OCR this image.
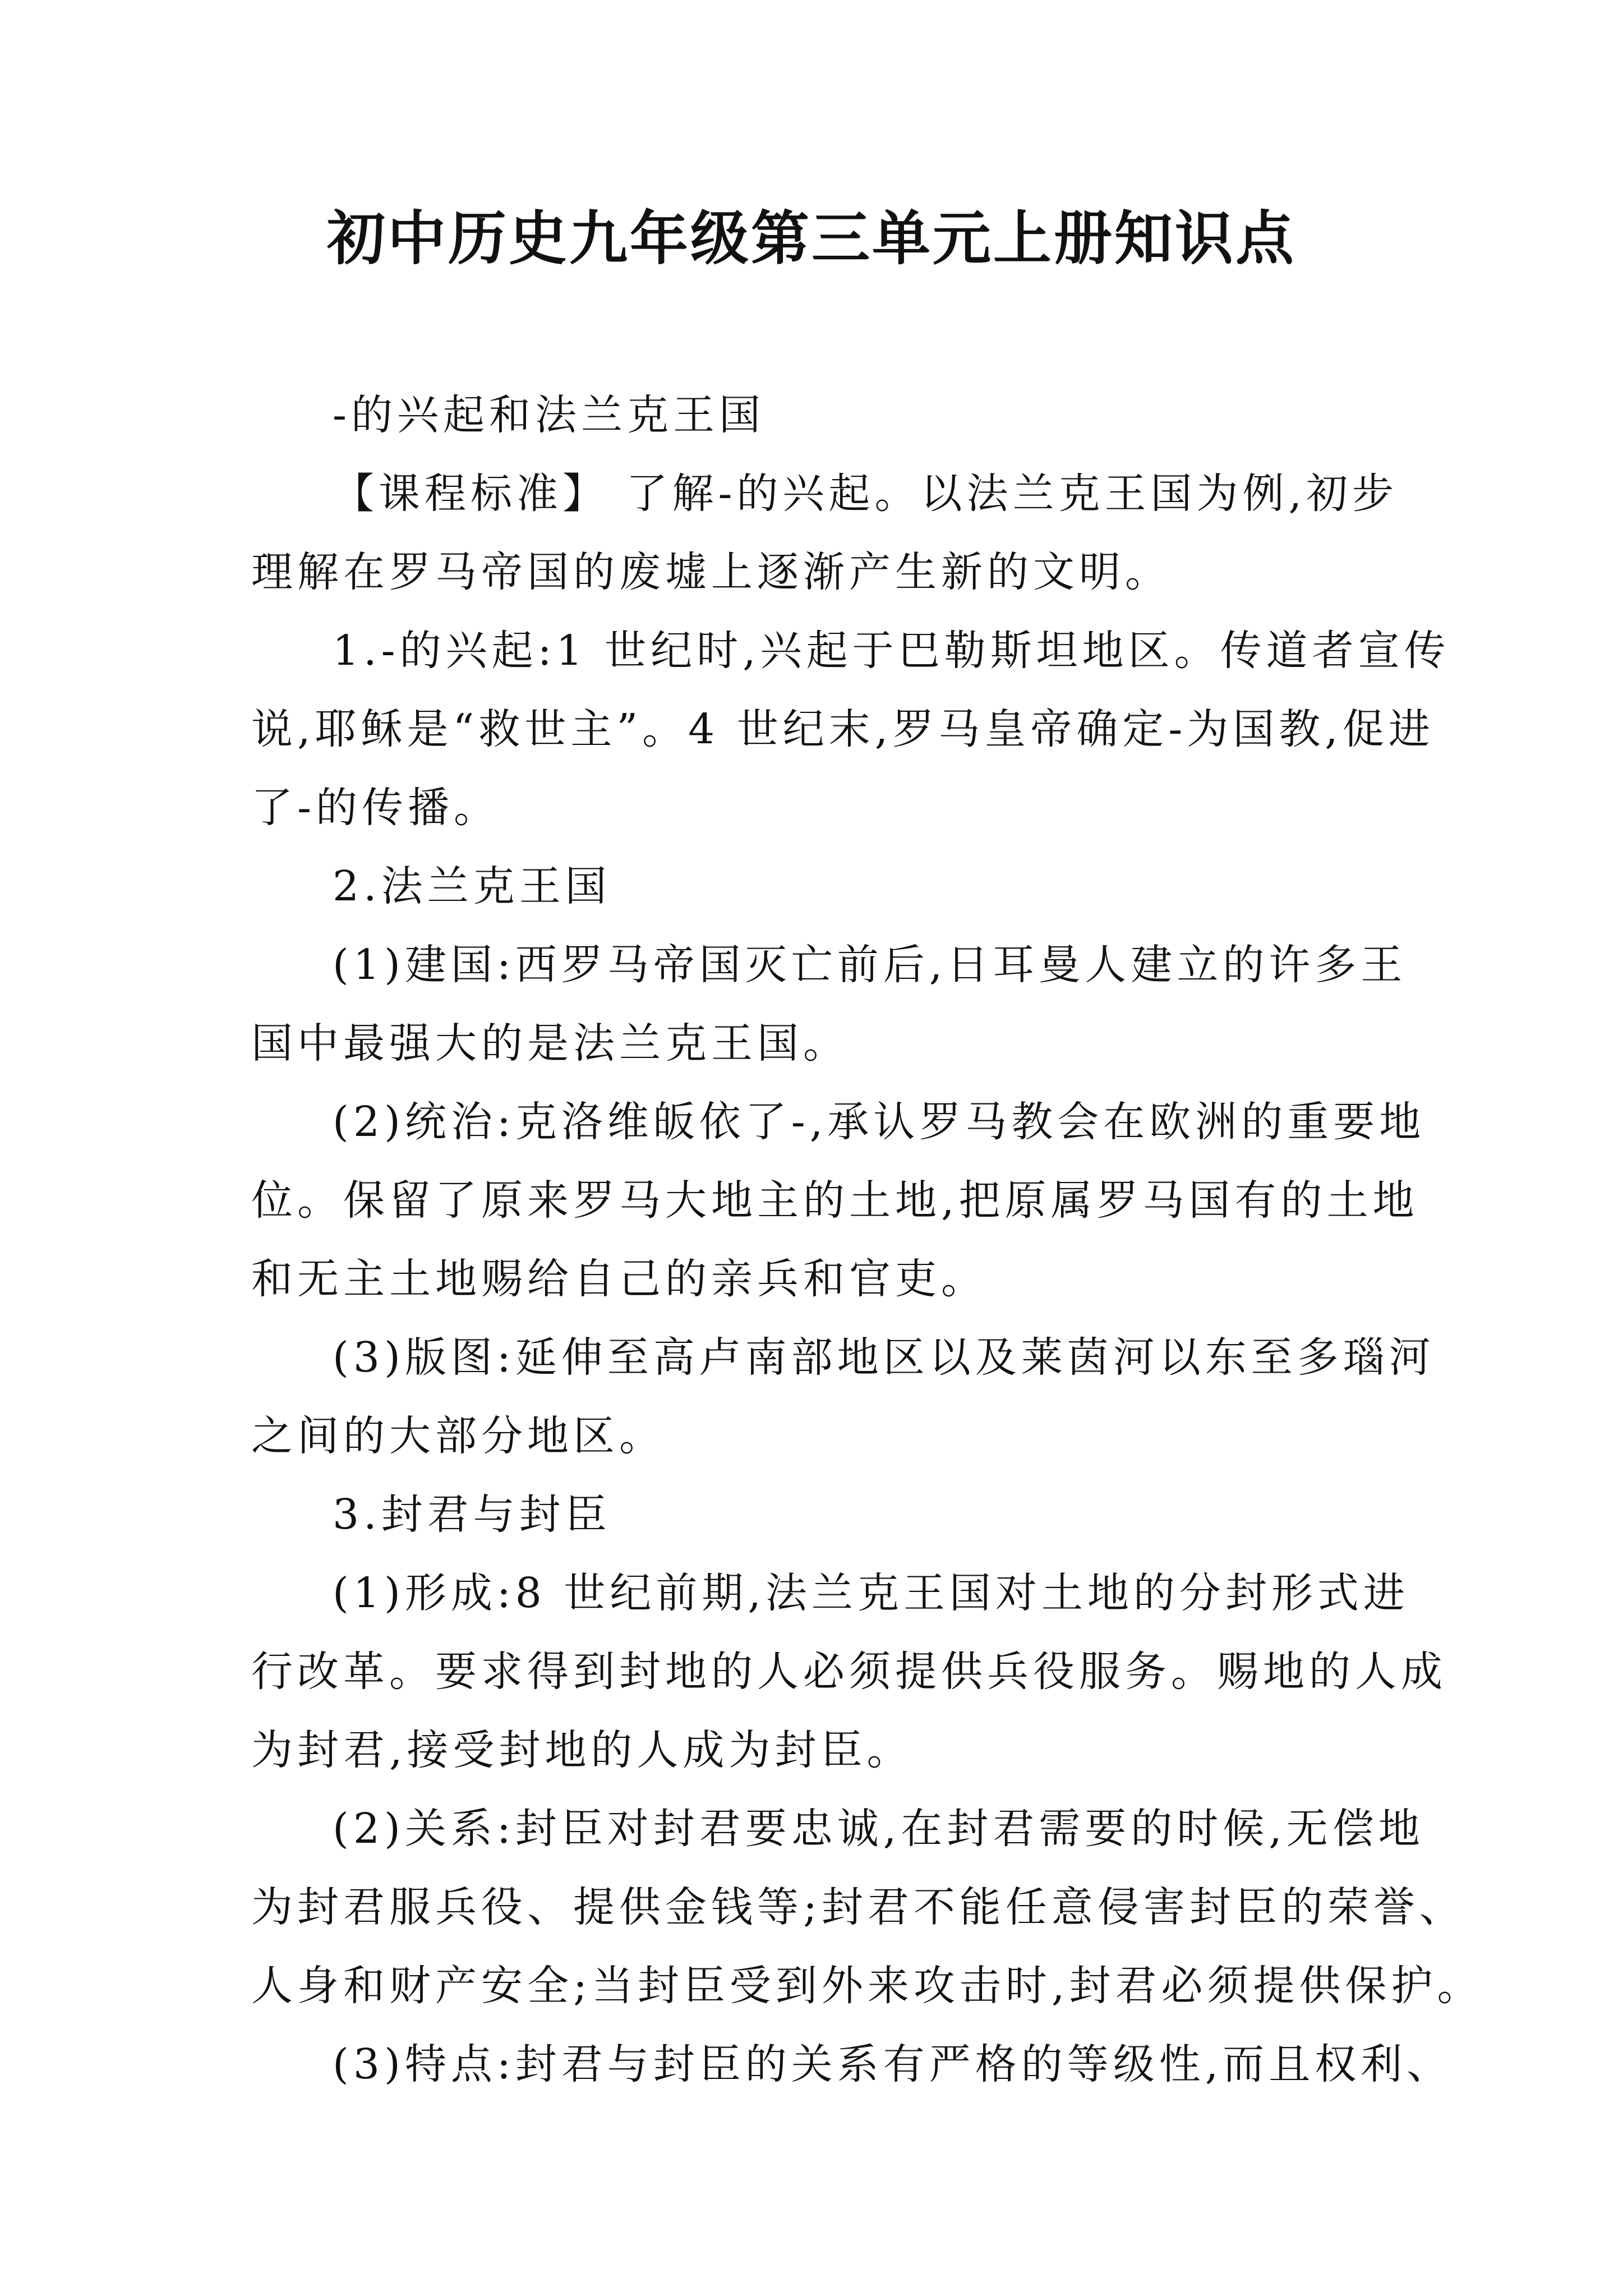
初中历史九年级第三单元上册知识点

-的兴起和法兰克王国

【课程标准】 了解-的兴起。以法兰克王国为例,初步
理解在罗马帝国的废墟上逐渐产生新的文明。

1.-的兴起:1 世纪时,兴起于巴勒斯坦地区。传道者宣传
说,耶稣是“救世主”。4 世纪末,罗马皇帝确定-为国教,促进
了-的传播。

2.法兰克王国

(1)建国:西罗马帝国灭亡前后,日耳曼人建立的许多王
国中最强大的是法兰克王国。

(2)统治:克洛维皈依了-,承认罗马教会在欧洲的重要地
位。保留了原来罗马大地主的土地,把原属罗马国有的土地
和无主土地赐给自己的亲兵和官吏。

(3)版图:延伸至高卢南部地区以及莱茵河以东至多瑙河
之间的大部分地区。

3.封君与封臣

(1)形成:8 世纪前期,法兰克王国对土地的分封形式进
行改革。要求得到封地的人必须提供兵役服务。赐地的人成
为封君,接受封地的人成为封臣。

(2)关系:封臣对封君要忠诚,在封君需要的时候,无偿地
为封君服兵役、提供金钱等;封君不能任意侵害封臣的荣誉、
人身和财产安全;当封臣受到外来攻击时,封君必须提供保护。

(3)特点:封君与封臣的关系有严格的等级性,而且权利、
